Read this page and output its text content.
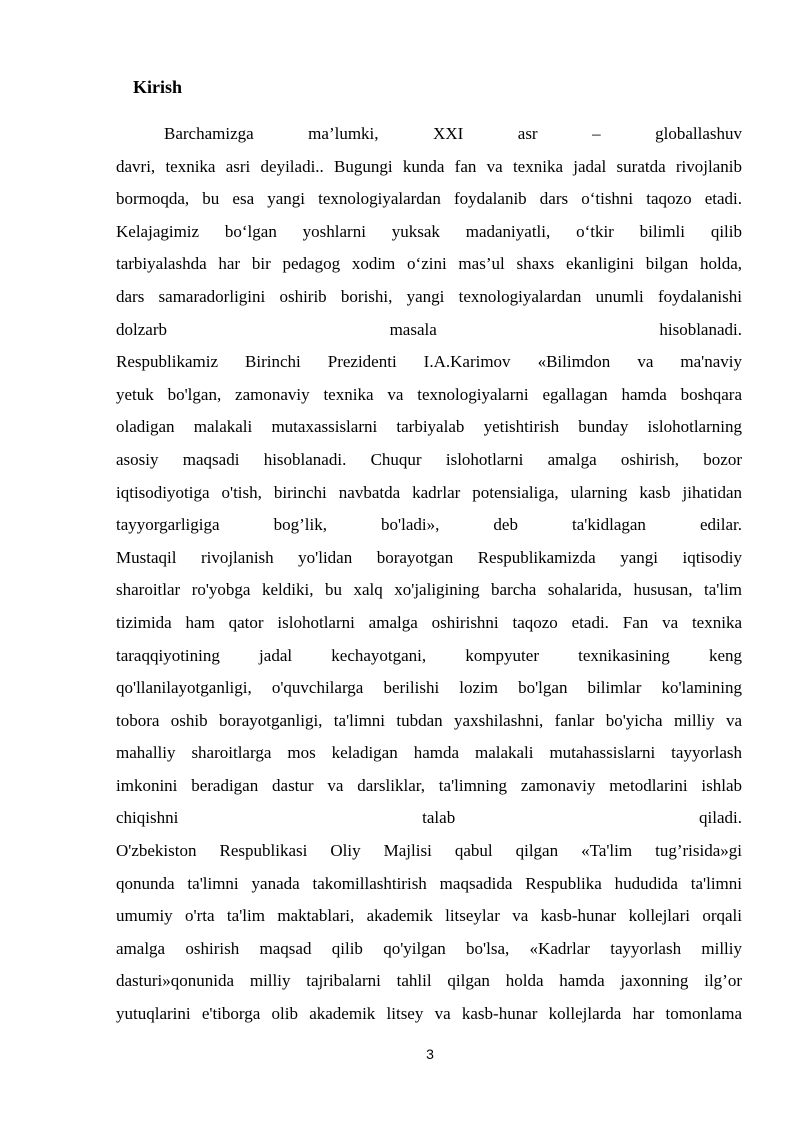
Kirish
Barchamizga ma’lumki, XXI asr – globallashuv
davri, texnika asri deyiladi.. Bugungi kunda fan va texnika jadal suratda rivojlanib
bormoqda, bu esa yangi texnologiyalardan foydalanib dars o‘tishni taqozo etadi.
Kelajagimiz bo‘lgan yoshlarni yuksak madaniyatli, o‘tkir bilimli qilib
tarbiyalashda har bir pedagog xodim o‘zini mas’ul shaxs ekanligini bilgan holda,
dars samaradorligini oshirib borishi, yangi texnologiyalardan unumli foydalanishi
dolzarb masala hisoblanadi.
Respublikamiz Birinchi Prezidenti I.A.Karimov «Bilimdon va ma'naviy
yetuk bo'lgan, zamonaviy texnika va texnologiyalarni egallagan hamda boshqara
oladigan malakali mutaxassislarni tarbiyalab yetishtirish bunday islohotlarning
asosiy maqsadi hisoblanadi. Chuqur islohotlarni amalga oshirish, bozor
iqtisodiyotiga o'tish, birinchi navbatda kadrlar potensialiga, ularning kasb jihatidan
tayyorgarligiga bog’lik, bo'ladi», deb ta'kidlagan edilar.
Mustaqil rivojlanish yo'lidan borayotgan Respublikamizda yangi iqtisodiy
sharoitlar ro'yobga keldiki, bu xalq xo'jaligining barcha sohalarida, hususan, ta'lim
tizimida ham qator islohotlarni amalga oshirishni taqozo etadi. Fan va texnika
taraqqiyotining jadal kechayotgani, kompyuter texnikasining keng
qo'llanilayotganligi, o'quvchilarga berilishi lozim bo'lgan bilimlar ko'lamining
tobora oshib borayotganligi, ta'limni tubdan yaxshilashni, fanlar bo'yicha milliy va
mahalliy sharoitlarga mos keladigan hamda malakali mutahassislarni tayyorlash
imkonini beradigan dastur va darsliklar, ta'limning zamonaviy metodlarini ishlab
chiqishni talab qiladi.
O'zbekiston Respublikasi Oliy Majlisi qabul qilgan «Ta'lim tug’risida»gi
qonunda ta'limni yanada takomillashtirish maqsadida Respublika hududida ta'limni
umumiy o'rta ta'lim maktablari, akademik litseylar va kasb-hunar kollejlari orqali
amalga oshirish maqsad qilib qo'yilgan bo'lsa, «Kadrlar tayyorlash milliy
dasturi»qonunida milliy tajribalarni tahlil qilgan holda hamda jaxonning ilg’or
yutuqlarini e'tiborga olib akademik litsey va kasb-hunar kollejlarda har tomonlama
3
